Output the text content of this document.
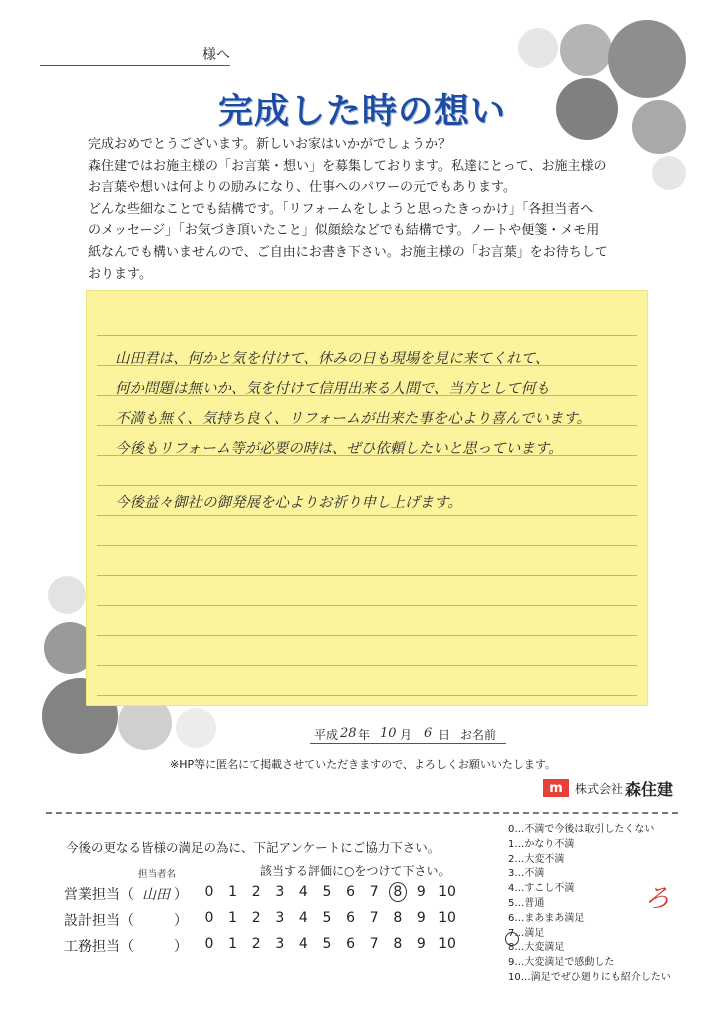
様へ
完成した時の想い

完成おめでとうございます。新しいお家はいかがでしょうか？

森住建ではお施主様の「お言葉・想い」を募集しております。私達にとって、お施主様の

お言葉や想いは何よりの励みになり、仕事へのパワーの元でもあります。

どんな些細なことでも結構です。「リフォームをしようと思ったきっかけ」「各担当者へ

のメッセージ」「お気づき頂いたこと」似顔絵などでも結構です。ノートや便箋・メモ用

紙なんでも構いませんので、ご自由にお書き下さい。お施主様の「お言葉」をお待ちして

おります。

山田君は、何かと気を付けて、休みの日も現場を見に来てくれて、
何か問題は無いか、気を付けて信用出来る人間で、当方として何も
不満も無く、気持ち良く、リフォームが出来た事を心より喜んでいます。
今後もリフォーム等が必要の時は、ぜひ依頼したいと思っています。
今後益々御社の御発展を心よりお祈り申し上げます。
平成 28 年 10 月 6 日 お名前
※HP等に匿名にて掲載させていただきますので、よろしくお願いいたします。
m	株式会社 森住建
今後の更なる皆様の満足の為に、下記アンケートにご協力下さい。
担当者名	該当する評価に○をつけて下さい。
営業担当（ 山田 ）	0	1	2	3	4	5	6	7	8	9 10
設計担当（	）	0	1	2	3	4	5	6	7	8	9 10
工務担当（	）	0	1	2	3	4	5	6	7	8	9 10
0…不満で今後は取引したくない
1…かなり不満
2…大変不満
3…不満
4…すこし不満
5…普通
6…まあまあ満足
7…満足
8…大変満足
9…大変満足で感動した
10…満足でぜひ廻りにも紹介したい
ろ
